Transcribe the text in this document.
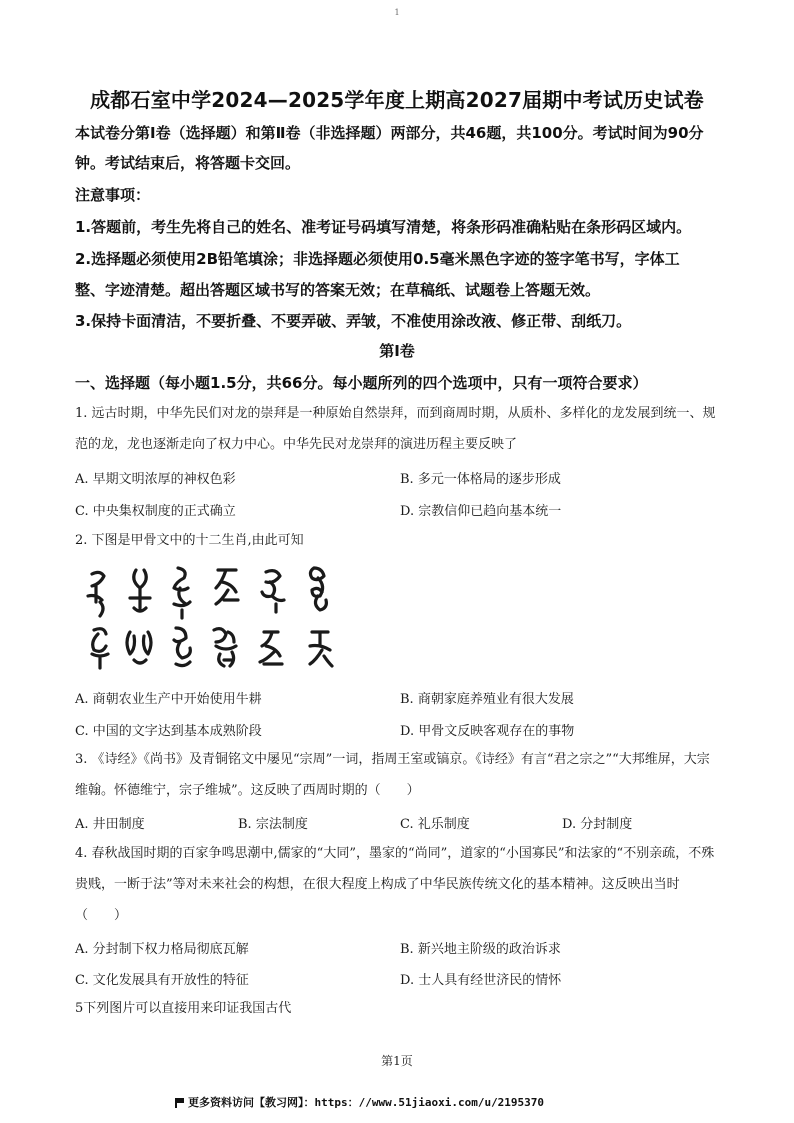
1
成都石室中学2024—2025学年度上期高2027届期中考试历史试卷
本试卷分第Ⅰ卷（选择题）和第Ⅱ卷（非选择题）两部分，共46题，共100分。考试时间为90分钟。考试结束后，将答题卡交回。
注意事项：
1.答题前，考生先将自己的姓名、准考证号码填写清楚，将条形码准确粘贴在条形码区域内。
2.选择题必须使用2B铅笔填涂；非选择题必须使用0.5毫米黑色字迹的签字笔书写，字体工
整、字迹清楚。超出答题区域书写的答案无效；在草稿纸、试题卷上答题无效。
3.保持卡面清洁，不要折叠、不要弄破、弄皱，不准使用涂改液、修正带、刮纸刀。
第Ⅰ卷
一、选择题（每小题1.5分，共66分。每小题所列的四个选项中，只有一项符合要求）
1. 远古时期，中华先民们对龙的崇拜是一种原始自然崇拜，而到商周时期，从质朴、多样化的龙发展到统一、规范的龙，龙也逐渐走向了权力中心。中华先民对龙崇拜的演进历程主要反映了
A. 早期文明浓厚的神权色彩	B. 多元一体格局的逐步形成
C. 中央集权制度的正式确立	D. 宗教信仰已趋向基本统一
2. 下图是甲骨文中的十二生肖,由此可知
A. 商朝农业生产中开始使用牛耕	B. 商朝家庭养殖业有很大发展
C. 中国的文字达到基本成熟阶段	D. 甲骨文反映客观存在的事物
3. 《诗经》《尚书》及青铜铭文中屡见“宗周”一词，指周王室或镐京。《诗经》有言“君之宗之”“大邦维屏，大宗维翰。怀德维宁，宗子维城”。这反映了西周时期的（　　）
A. 井田制度	B. 宗法制度	C. 礼乐制度	D. 分封制度
4. 春秋战国时期的百家争鸣思潮中,儒家的“大同”，墨家的“尚同”，道家的“小国寡民”和法家的“不别亲疏，不殊贵贱，一断于法”等对未来社会的构想，在很大程度上构成了中华民族传统文化的基本精神。这反映出当时（　　）
A. 分封制下权力格局彻底瓦解	B. 新兴地主阶级的政治诉求
C. 文化发展具有开放性的特征	D. 士人具有经世济民的情怀
5下列图片可以直接用来印证我国古代
第1页
更多资料访问【教习网】：https：//www.51jiaoxi.com/u/2195370
